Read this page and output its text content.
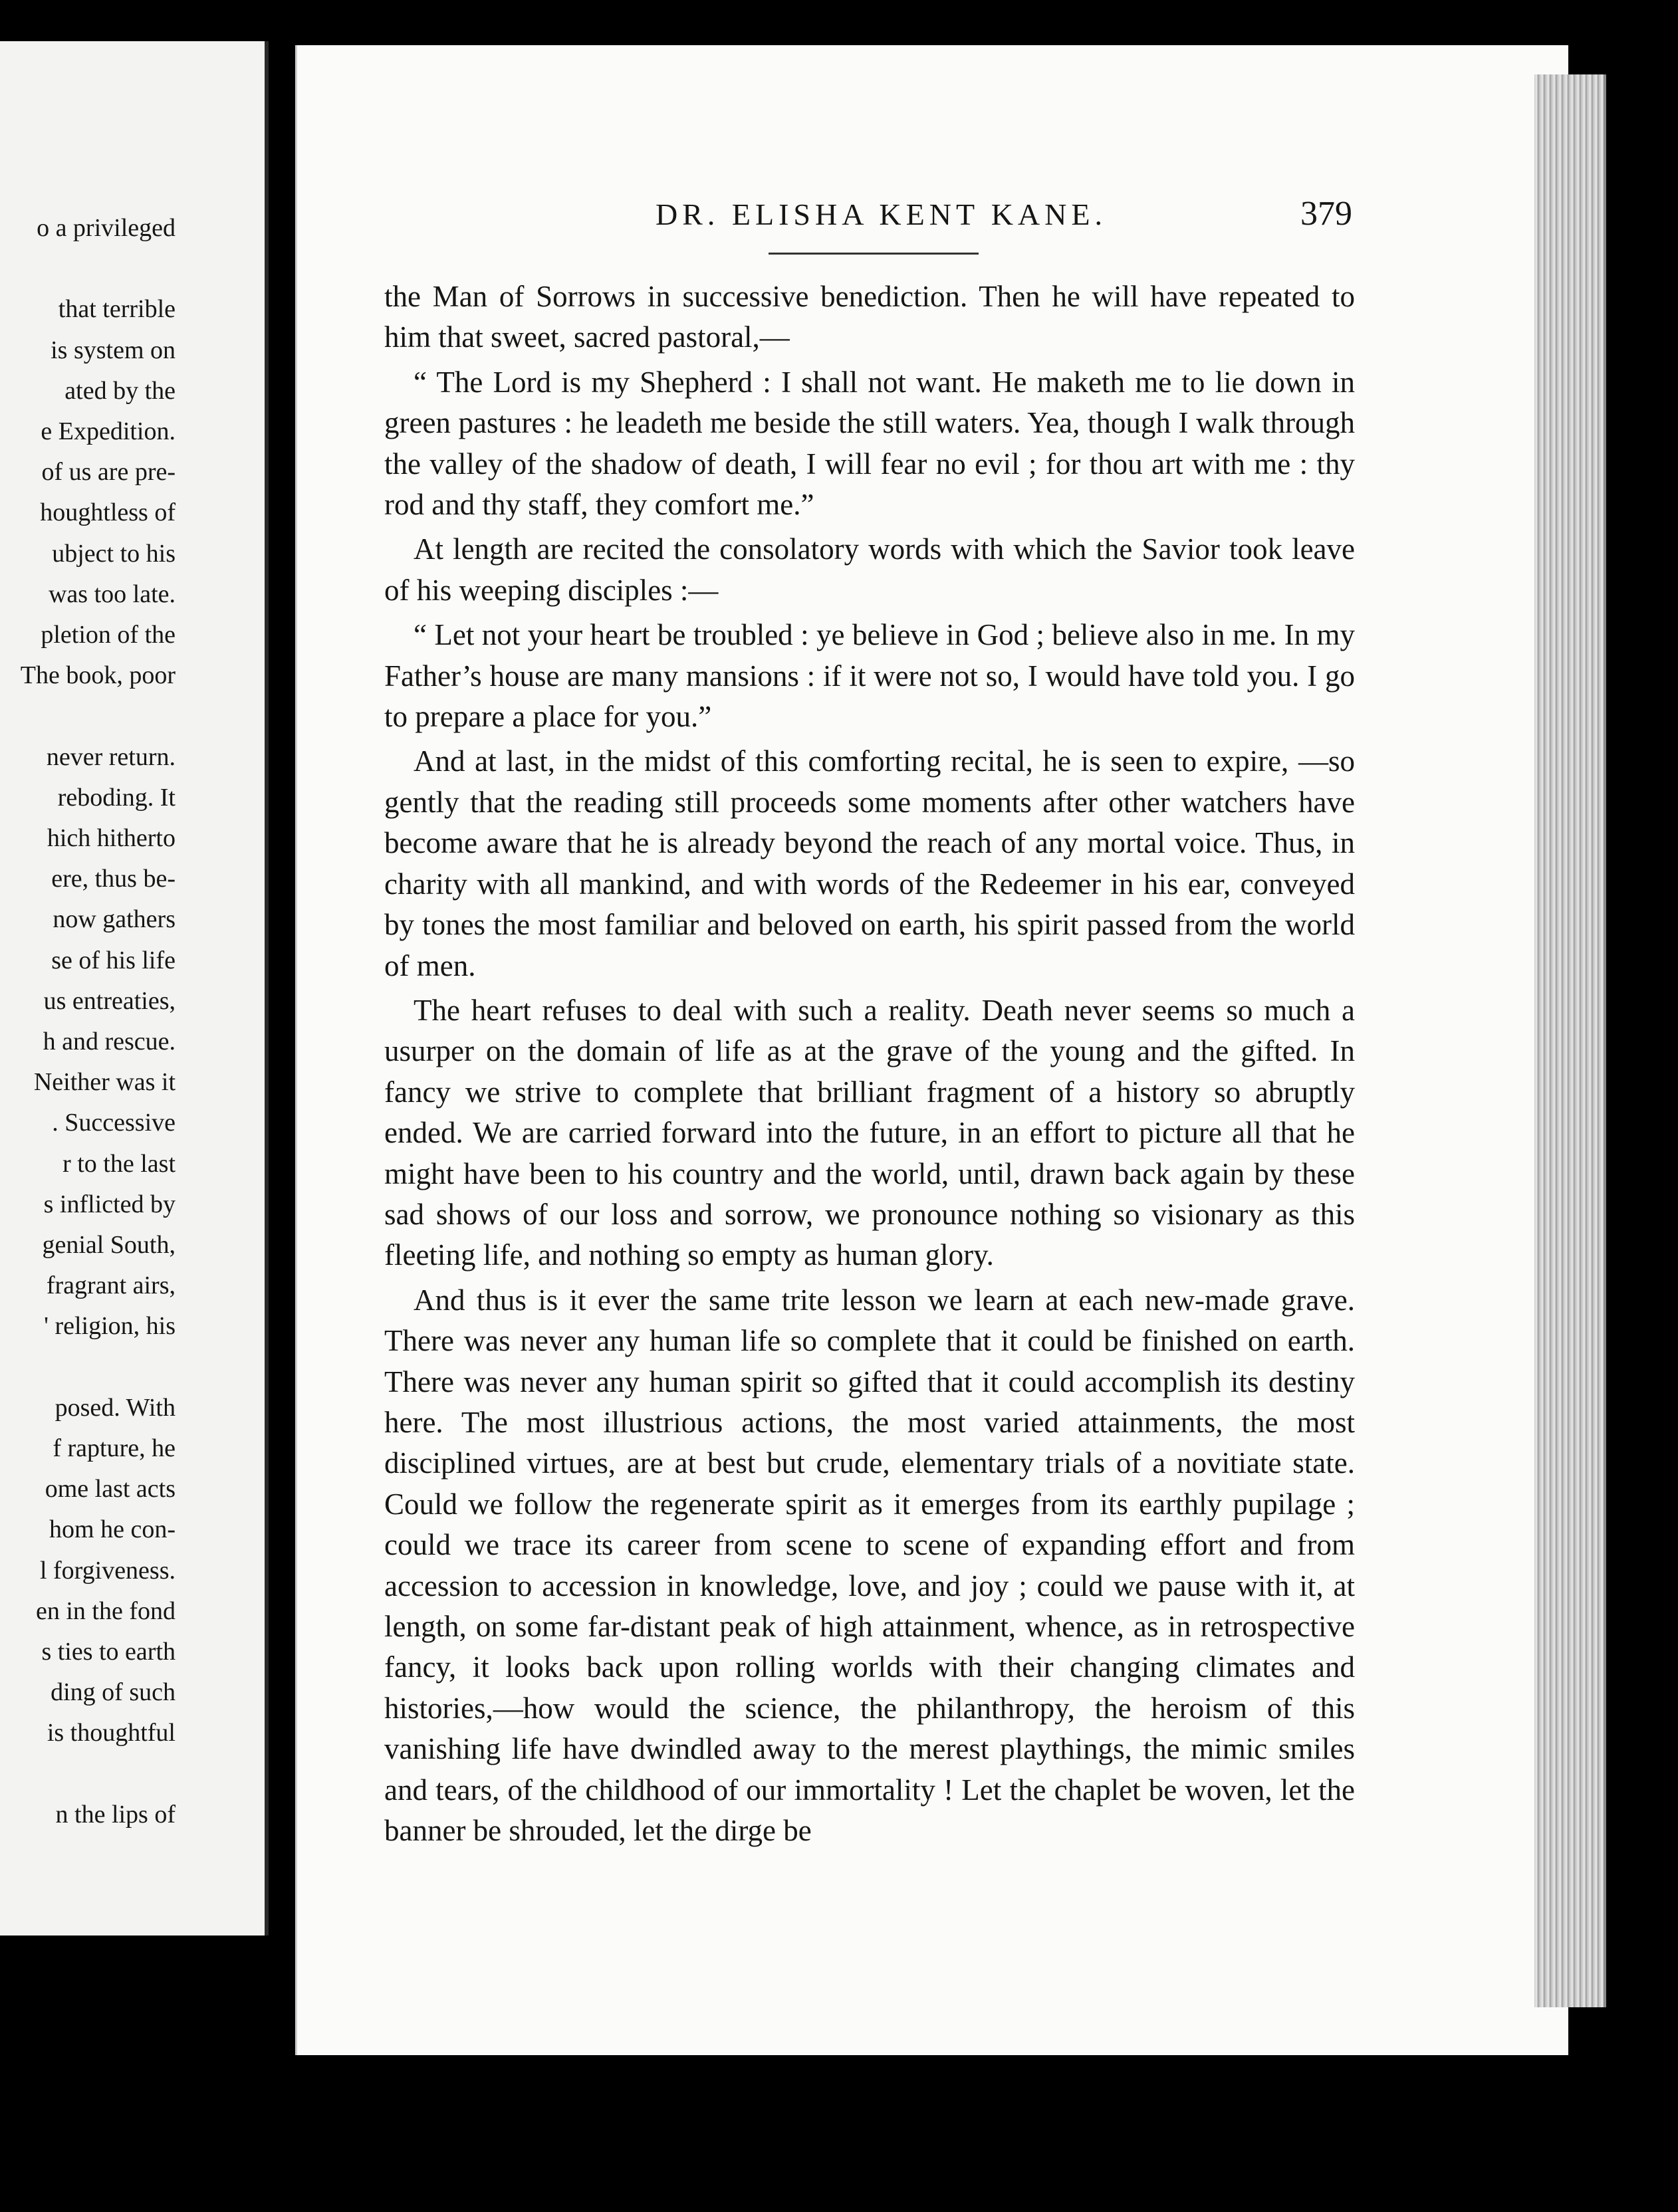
o a privileged
that terrible
is system on
ated by the
e Expedition.
of us are pre-
houghtless of
ubject to his
was too late.
pletion of the
The book, poor
never return.
reboding. It
hich hitherto
ere, thus be-
now gathers
se of his life
us entreaties,
h and rescue.
Neither was it
. Successive
r to the last
s inflicted by
genial South,
fragrant airs,
' religion, his
posed. With
f rapture, he
ome last acts
hom he con-
l forgiveness.
en in the fond
s ties to earth
ding of such
is thoughtful
n the lips of
DR. ELISHA KENT KANE.	379

the Man of Sorrows in successive benediction. Then he will have repeated to him that sweet, sacred pastoral,—

“ The Lord is my Shepherd : I shall not want. He maketh me to lie down in green pastures : he leadeth me beside the still waters. Yea, though I walk through the valley of the shadow of death, I will fear no evil ; for thou art with me : thy rod and thy staff, they comfort me.”

At length are recited the consolatory words with which the Savior took leave of his weeping disciples :—

“ Let not your heart be troubled : ye believe in God ; believe also in me. In my Father’s house are many mansions : if it were not so, I would have told you. I go to prepare a place for you.”

And at last, in the midst of this comforting recital, he is seen to expire, —so gently that the reading still proceeds some moments after other watchers have become aware that he is already beyond the reach of any mortal voice. Thus, in charity with all mankind, and with words of the Redeemer in his ear, conveyed by tones the most familiar and beloved on earth, his spirit passed from the world of men.

The heart refuses to deal with such a reality. Death never seems so much a usurper on the domain of life as at the grave of the young and the gifted. In fancy we strive to complete that brilliant fragment of a history so abruptly ended. We are carried forward into the future, in an effort to picture all that he might have been to his country and the world, until, drawn back again by these sad shows of our loss and sorrow, we pronounce nothing so visionary as this fleeting life, and nothing so empty as human glory.

And thus is it ever the same trite lesson we learn at each new-made grave. There was never any human life so complete that it could be finished on earth. There was never any human spirit so gifted that it could accomplish its destiny here. The most illustrious actions, the most varied attainments, the most disciplined virtues, are at best but crude, elementary trials of a novitiate state. Could we follow the regenerate spirit as it emerges from its earthly pupilage ; could we trace its career from scene to scene of expanding effort and from accession to accession in knowledge, love, and joy ; could we pause with it, at length, on some far-distant peak of high attainment, whence, as in retrospective fancy, it looks back upon rolling worlds with their changing climates and histories,—how would the science, the philanthropy, the heroism of this vanishing life have dwindled away to the merest playthings, the mimic smiles and tears, of the childhood of our immortality ! Let the chaplet be woven, let the banner be shrouded, let the dirge be
